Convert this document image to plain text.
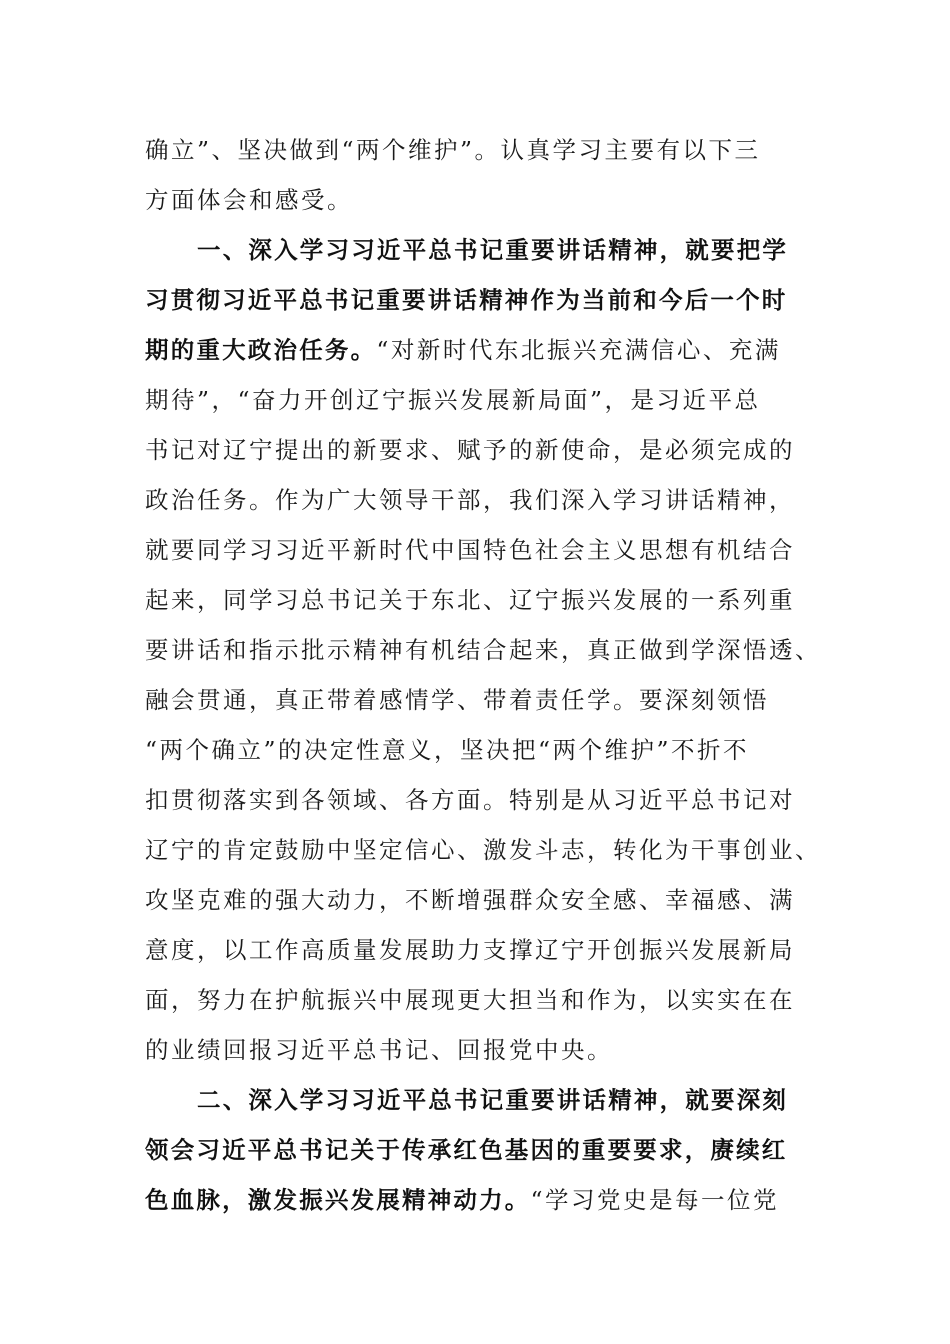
确立”、坚决做到“两个维护”。认真学习主要有以下三
方面体会和感受。
一、深入学习习近平总书记重要讲话精神，就要把学
习贯彻习近平总书记重要讲话精神作为当前和今后一个时
期的重大政治任务。“对新时代东北振兴充满信心、充满
期待”，“奋力开创辽宁振兴发展新局面”，是习近平总
书记对辽宁提出的新要求、赋予的新使命，是必须完成的
政治任务。作为广大领导干部，我们深入学习讲话精神，
就要同学习习近平新时代中国特色社会主义思想有机结合
起来，同学习总书记关于东北、辽宁振兴发展的一系列重
要讲话和指示批示精神有机结合起来，真正做到学深悟透、
融会贯通，真正带着感情学、带着责任学。要深刻领悟
“两个确立”的决定性意义，坚决把“两个维护”不折不
扣贯彻落实到各领域、各方面。特别是从习近平总书记对
辽宁的肯定鼓励中坚定信心、激发斗志，转化为干事创业、
攻坚克难的强大动力，不断增强群众安全感、幸福感、满
意度，以工作高质量发展助力支撑辽宁开创振兴发展新局
面，努力在护航振兴中展现更大担当和作为，以实实在在
的业绩回报习近平总书记、回报党中央。
二、深入学习习近平总书记重要讲话精神，就要深刻
领会习近平总书记关于传承红色基因的重要要求，赓续红
色血脉，激发振兴发展精神动力。“学习党史是每一位党
